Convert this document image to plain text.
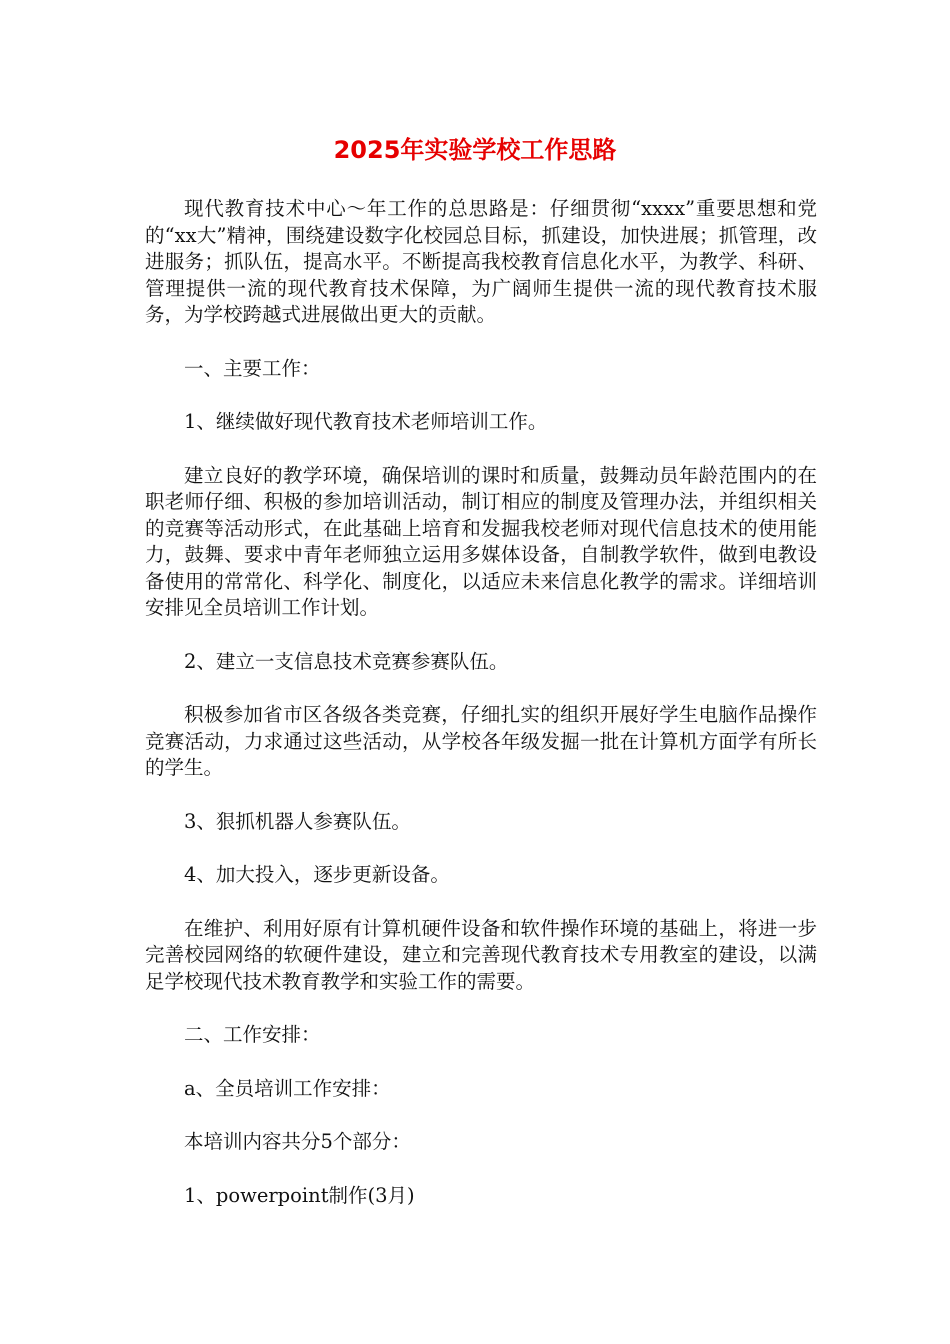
2025年实验学校工作思路

现代教育技术中心～年工作的总思路是：仔细贯彻“xxxx”重要思想和党的“xx大”精神，围绕建设数字化校园总目标，抓建设，加快进展；抓管理，改进服务；抓队伍，提高水平。不断提高我校教育信息化水平，为教学、科研、管理提供一流的现代教育技术保障，为广阔师生提供一流的现代教育技术服务，为学校跨越式进展做出更大的贡献。

一、主要工作：

1、继续做好现代教育技术老师培训工作。

建立良好的教学环境，确保培训的课时和质量，鼓舞动员年龄范围内的在职老师仔细、积极的参加培训活动，制订相应的制度及管理办法，并组织相关的竞赛等活动形式，在此基础上培育和发掘我校老师对现代信息技术的使用能力，鼓舞、要求中青年老师独立运用多媒体设备，自制教学软件，做到电教设备使用的常常化、科学化、制度化，以适应未来信息化教学的需求。详细培训安排见全员培训工作计划。

2、建立一支信息技术竞赛参赛队伍。

积极参加省市区各级各类竞赛，仔细扎实的组织开展好学生电脑作品操作竞赛活动，力求通过这些活动，从学校各年级发掘一批在计算机方面学有所长的学生。

3、狠抓机器人参赛队伍。

4、加大投入，逐步更新设备。

在维护、利用好原有计算机硬件设备和软件操作环境的基础上，将进一步完善校园网络的软硬件建设，建立和完善现代教育技术专用教室的建设，以满足学校现代技术教育教学和实验工作的需要。

二、工作安排：

a、全员培训工作安排：

本培训内容共分5个部分：

1、powerpoint制作(3月)
